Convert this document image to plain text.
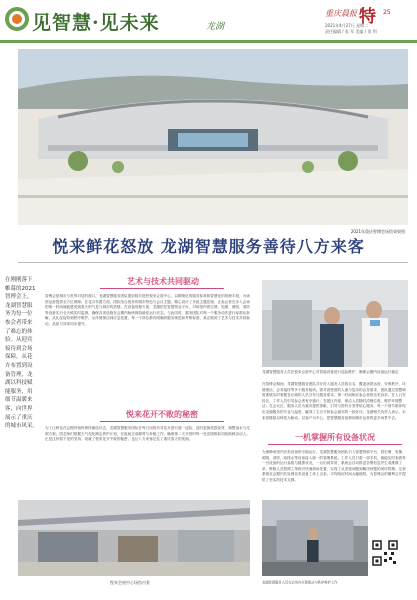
见智慧·见未来	龙湖
重庆晨报 特 25
2021年4月27日 星期二
责任编辑 / 张 军 美编 / 贺 利
2021年重庆智博会场馆效果图
悦来鲜花怒放 龙湖智慧服务善待八方来客
在刚刚落下
帷幕的2021
智博会上，
龙湖智慧服
务为每一位
参会者带来
了难忘的体
验。从迎宾
接待到会场
保障，从花
卉布置到设
备管理，龙
湖以科技赋
能服务，用
细节温暖来
客，向世界
展示了重庆
的城市风采。
艺术与技术共同驱动
智博会是城市与世界对话的窗口，龙湖智慧服务团队提前数月进驻悦来会展中心，以精细化的服务标准和智慧化的管理手段，为场馆运营提供全方位保障。在花卉布置方面，团队结合悦来的城市特色与会议主题，精心设计了多组主题花境，让参会者在步入会场的第一时间就能感受到春天的气息与城市的热情。在设备管理方面，龙湖依托智慧物业平台，对场馆内的空调、电梯、照明、消防等设备实行全天候实时监测，确保各项设施在会期内始终保持最佳运行状态。与此同时，服务团队对每一个服务动作进行标准化拆解，从礼仪接待到秩序维护，从环境保洁到应急处置，每一个岗位都有明确的服务规范和考核标准，真正做到了艺术与技术共同驱动、品质与效率同步提升。
悦来花开不败的秘密
为了让鲜花在会期内始终保持最佳状态，龙湖智慧服务团队在每日闭馆后对花卉进行逐一巡检，及时更换受损花材，调整浇水与光照方案。园艺师们根据天气变化制定养护计划，在夜间完成修剪与补植工作，确保第二天开馆时每一处花境都如初绽般鲜活动人。正是这份看不见的坚持，成就了悦来花开不败的秘密，也让八方来客记住了重庆春天的美丽。
龙湖智慧服务人员在悦来会展中心对智能设备进行巡检维护，确保会期内设备运行稳定
在智博会期间，龙湖智慧服务团队共计投入服务人员数百名，覆盖场馆运营、安保秩序、环境保洁、会务接待等多个服务板块。面对高密度的人流与复杂的会务需求，团队通过智慧调度系统实时掌握各区域的人员分布与服务需求，第一时间响应参会者的各类诉求。在入口安检区，工作人员引导参会者有序通行；在展区内部，保洁人员随时清理垃圾、维护环境整洁；在会议区，服务人员为嘉宾提供茶歇、引导与资料分发等贴心服务。每一个细节都体现出龙湖服务的专业与温度，赢得了主办方和参会嘉宾的一致好评。龙湖相关负责人表示，未来将继续以科技为驱动、以客户为中心，把智慧服务延伸到城市运营的更多场景中去。
一机掌握所有设备状况
为保障场馆内各类设备的平稳运行，龙湖智慧服务团队引入智慧物联平台，将空调、电梯、照明、消防、给排水等设备接入统一的管理系统。工作人员只需一部手机，就能实时查看每一台设备的运行参数与健康状况，一旦出现异常，系统会自动推送告警信息并生成维修工单，维修人员按照工单指引快速到场处置，实现了从发现问题到解决问题的闭环管理。这套系统在会期内共处理各类设备工单上百条，平均响应时间大幅缩短，为智博会的顺利召开提供了坚实的技术支撑。
悦来会展中心场馆内景	龙湖智慧服务人员在会场内开展保洁与秩序维护工作
